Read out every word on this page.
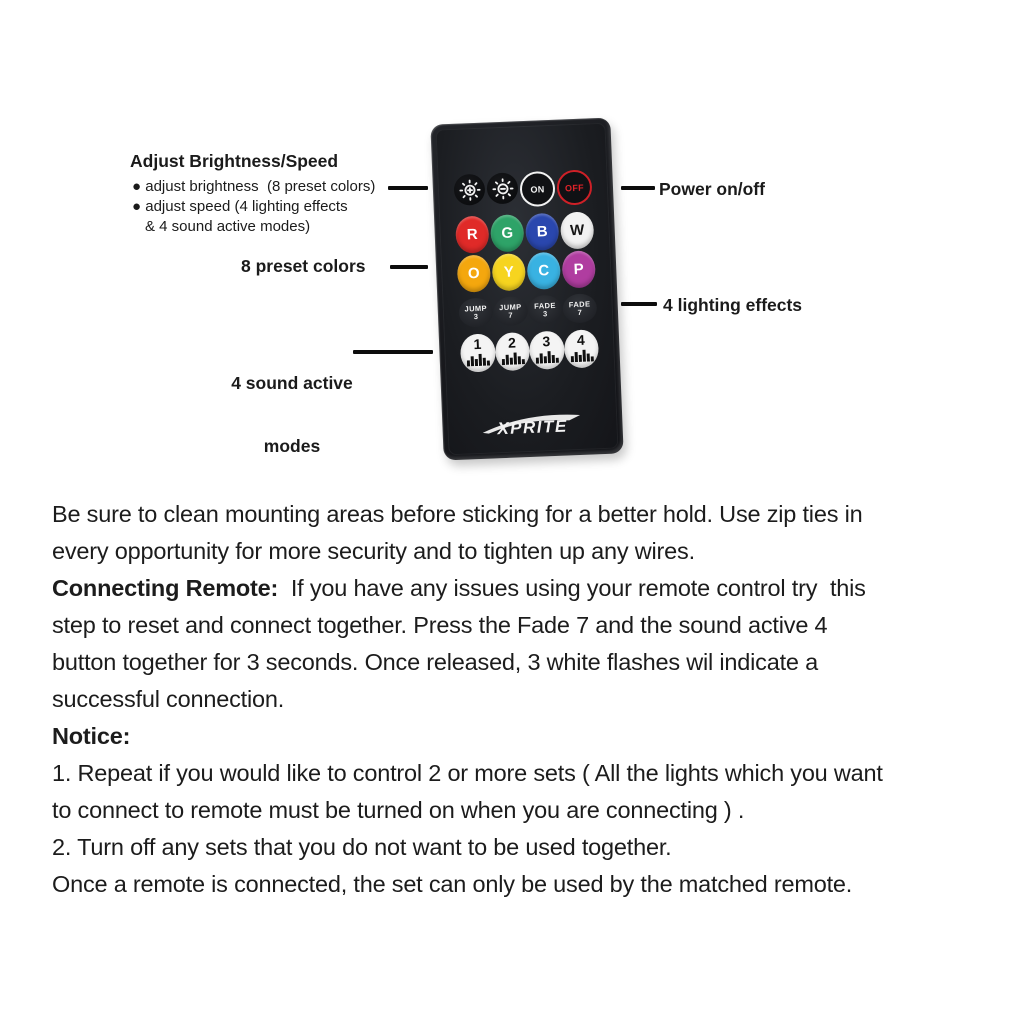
Adjust Brightness/Speed
● adjust brightness  (8 preset colors)
● adjust speed (4 lighting effects
& 4 sound active modes)
8 preset colors

4 sound active

modes

Power on/off
4 lighting effects
ON	OFF
R	G	B	W
O	Y	C	P
JUMP
3
JUMP
7
FADE
3
FADE
7
1	2	3	4
XPRITE
Be sure to clean mounting areas before sticking for a better hold. Use zip ties in
every opportunity for more security and to tighten up any wires.
Connecting Remote:  If you have any issues using your remote control try  this
step to reset and connect together. Press the Fade 7 and the sound active 4
button together for 3 seconds. Once released, 3 white flashes wil indicate a
successful connection.
Notice:
1. Repeat if you would like to control 2 or more sets ( All the lights which you want
to connect to remote must be turned on when you are connecting ) .
2. Turn off any sets that you do not want to be used together.
Once a remote is connected, the set can only be used by the matched remote.
